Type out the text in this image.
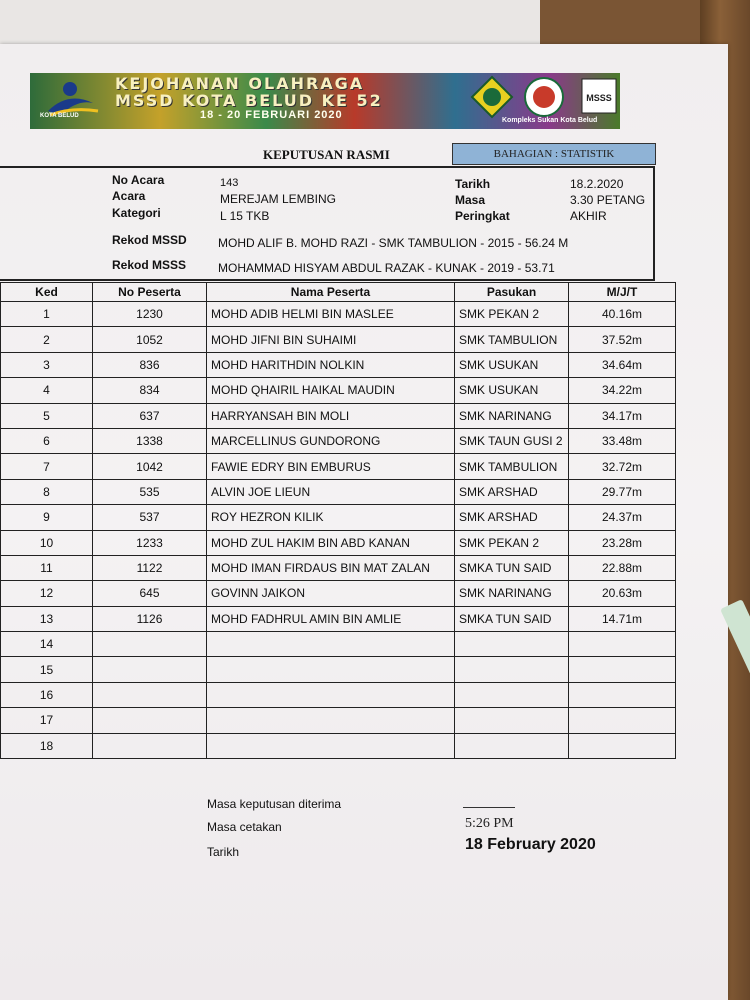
KOTA BELUD
KEJOHANAN OLAHRAGA
MSSD KOTA BELUD KE 52
18 - 20 FEBRUARI 2020
MSSS
Kompleks Sukan Kota Belud
KEPUTUSAN RASMI	BAHAGIAN : STATISTIK
No Acara	143
Acara	MEREJAM LEMBING
Kategori	L 15 TKB
Tarikh	18.2.2020
Masa	3.30 PETANG
Peringkat	AKHIR
Rekod MSSD	MOHD ALIF B. MOHD RAZI - SMK TAMBULION - 2015 - 56.24 M
Rekod MSSS	MOHAMMAD HISYAM ABDUL RAZAK - KUNAK - 2019 - 53.71
Ked	No Peserta	Nama Peserta	Pasukan	M/J/T
1	1230	MOHD ADIB HELMI BIN MASLEE	SMK PEKAN 2	40.16m
2	1052	MOHD JIFNI BIN SUHAIMI	SMK TAMBULION	37.52m
3	836	MOHD HARITHDIN NOLKIN	SMK USUKAN	34.64m
4	834	MOHD QHAIRIL HAIKAL MAUDIN	SMK USUKAN	34.22m
5	637	HARRYANSAH BIN MOLI	SMK NARINANG	34.17m
6	1338	MARCELLINUS GUNDORONG	SMK TAUN GUSI 2	33.48m
7	1042	FAWIE EDRY BIN EMBURUS	SMK TAMBULION	32.72m
8	535	ALVIN JOE LIEUN	SMK ARSHAD	29.77m
9	537	ROY HEZRON KILIK	SMK ARSHAD	24.37m
10	1233	MOHD ZUL HAKIM BIN ABD KANAN	SMK PEKAN 2	23.28m
11	1122	MOHD IMAN FIRDAUS BIN MAT ZALAN	SMKA TUN SAID	22.88m
12	645	GOVINN JAIKON	SMK NARINANG	20.63m
13	1126	MOHD FADHRUL AMIN BIN AMLIE	SMKA TUN SAID	14.71m
14				
15				
16				
17				
18				
Masa keputusan diterima
Masa cetakan	5:26 PM
Tarikh	18 February 2020
